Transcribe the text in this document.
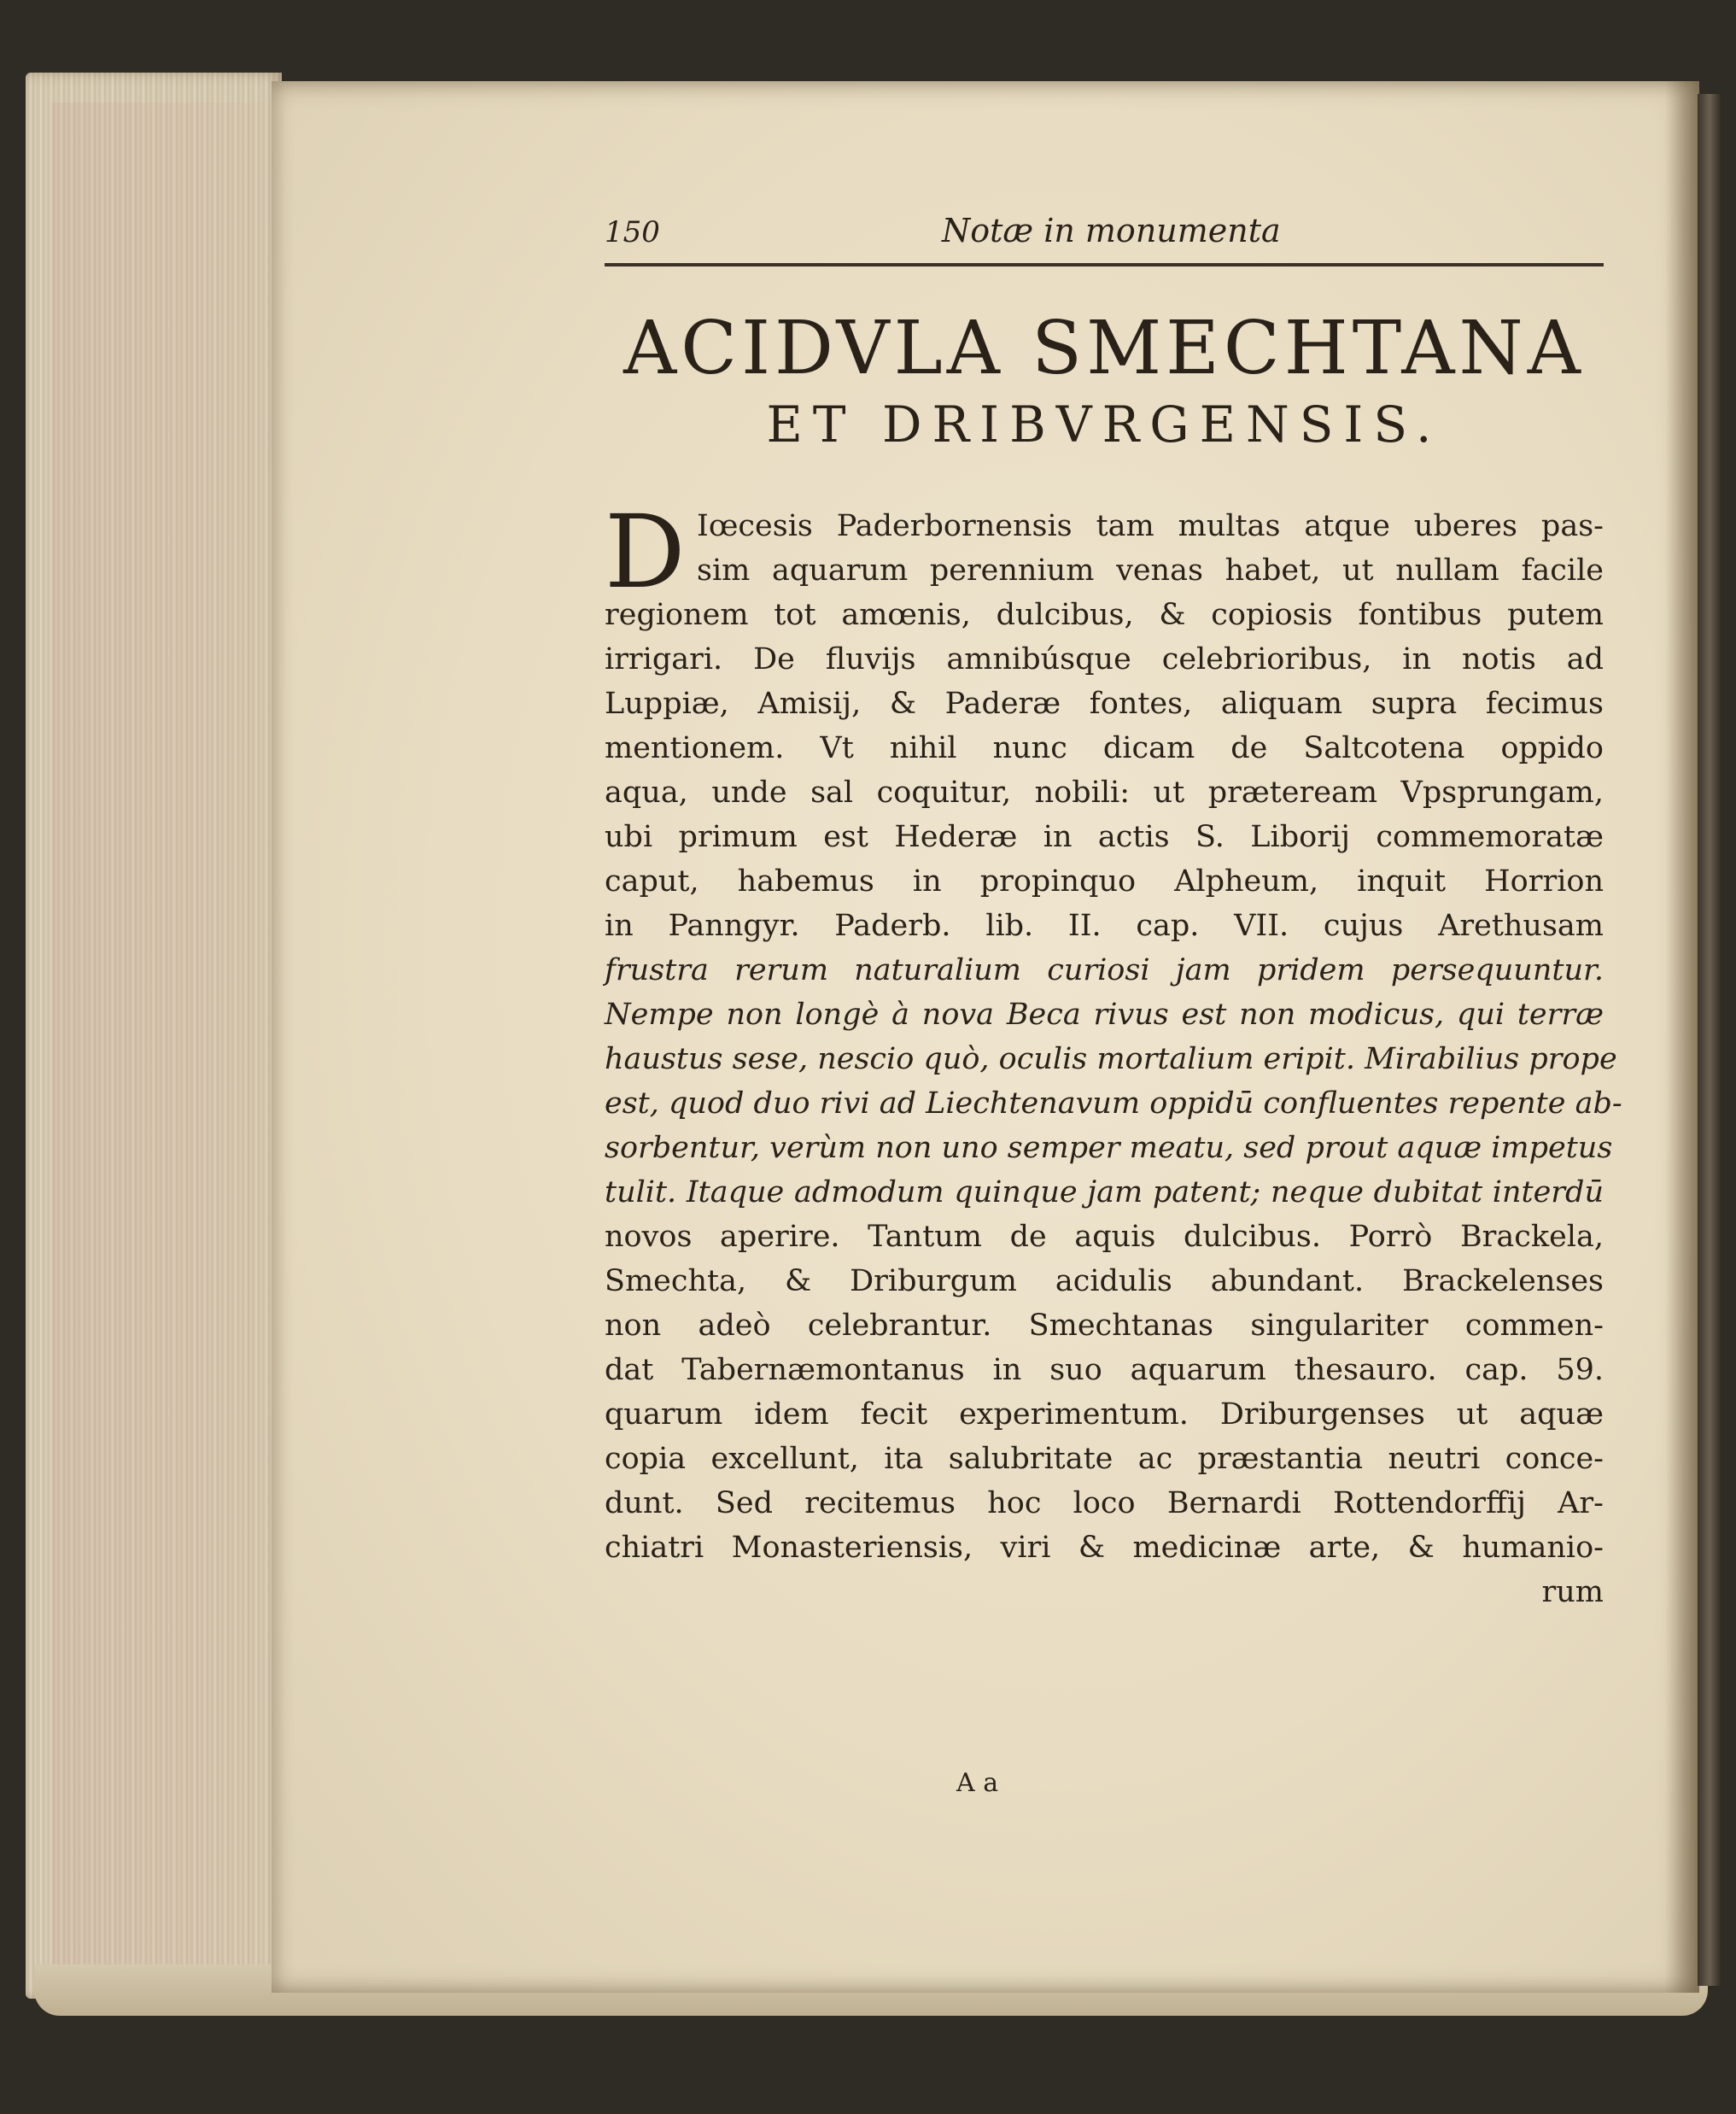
150	Notæ in monumenta
ACIDVLA SMECHTANA
ET DRIBVRGENSIS.
D Iœcesis Paderbornensis tam multas atque uberes pas-
sim aquarum perennium venas habet, ut nullam facile
regionem tot amœnis, dulcibus, & copiosis fontibus putem
irrigari. De fluvijs amnibúsque celebrioribus, in notis ad
Luppiæ, Amisij, & Paderæ fontes, aliquam supra fecimus
mentionem. Vt nihil nunc dicam de Saltcotena oppido
aqua, unde sal coquitur, nobili: ut præteream Vpsprungam,
ubi primum est Hederæ in actis S. Liborij commemoratæ
caput, habemus in propinquo Alpheum, inquit Horrion
in Panngyr. Paderb. lib. II. cap. VII. cujus Arethusam
frustra rerum naturalium curiosi jam pridem persequuntur.
Nempe non longè à nova Beca rivus est non modicus, qui terræ
haustus sese, nescio quò, oculis mortalium eripit. Mirabilius prope
est, quod duo rivi ad Liechtenavum oppidū confluentes repente ab-
sorbentur, verùm non uno semper meatu, sed prout aquæ impetus
tulit. Itaque admodum quinque jam patent; neque dubitat interdū
novos aperire. Tantum de aquis dulcibus. Porrò Brackela,
Smechta, & Driburgum acidulis abundant. Brackelenses
non adeò celebrantur. Smechtanas singulariter commen-
dat Tabernæmontanus in suo aquarum thesauro. cap. 59.
quarum idem fecit experimentum. Driburgenses ut aquæ
copia excellunt, ita salubritate ac præstantia neutri conce-
dunt. Sed recitemus hoc loco Bernardi Rottendorffij Ar-
chiatri Monasteriensis, viri & medicinæ arte, & humanio-
rum
A a
